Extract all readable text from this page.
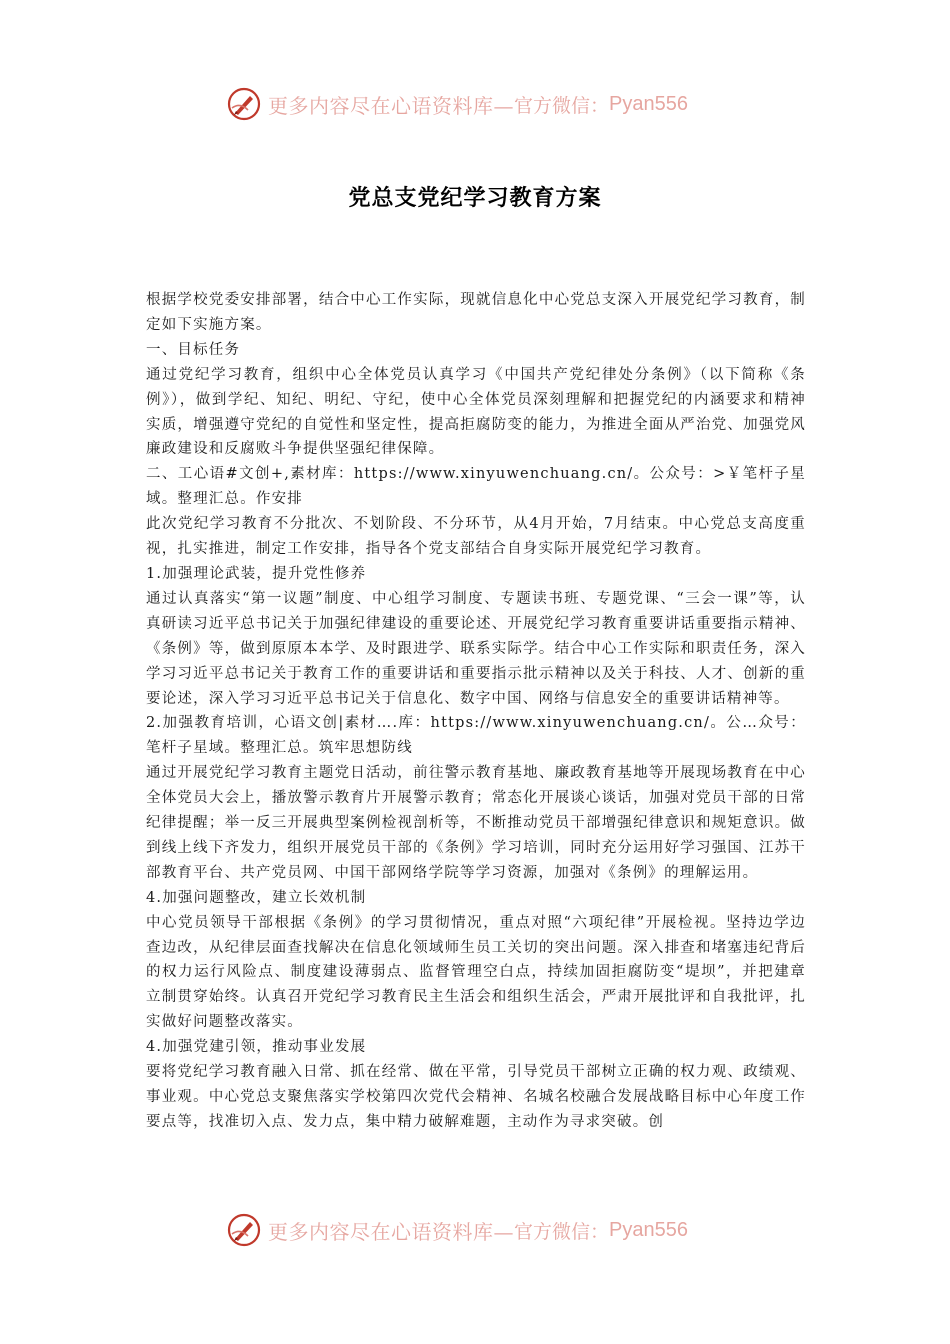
更多内容尽在心语资料库— 官方微信： Pyan556
党总支党纪学习教育方案

根据学校党委安排部署，结合中心工作实际，现就信息化中心党总支深入开展党纪学习教育，制定如下实施方案。

一、目标任务

通过党纪学习教育，组织中心全体党员认真学习《中国共产党纪律处分条例》（以下简称《条例》），做到学纪、知纪、明纪、守纪，使中心全体党员深刻理解和把握党纪的内涵要求和精神实质，增强遵守党纪的自觉性和坚定性，提高拒腐防变的能力，为推进全面从严治党、加强党风廉政建设和反腐败斗争提供坚强纪律保障。

二、工心语#文创+,素材库：https://www.xinyuwenchuang.cn/。公众号：>￥笔杆子星域。整理汇总。作安排

此次党纪学习教育不分批次、不划阶段、不分环节，从4月开始，7月结束。中心党总支高度重视，扎实推进，制定工作安排，指导各个党支部结合自身实际开展党纪学习教育。

1.加强理论武装，提升党性修养

通过认真落实“第一议题”制度、中心组学习制度、专题读书班、专题党课、“三会一课”等，认真研读习近平总书记关于加强纪律建设的重要论述、开展党纪学习教育重要讲话重要指示精神、《条例》等，做到原原本本学、及时跟进学、联系实际学。结合中心工作实际和职责任务，深入学习习近平总书记关于教育工作的重要讲话和重要指示批示精神以及关于科技、人才、创新的重要论述，深入学习习近平总书记关于信息化、数字中国、网络与信息安全的重要讲话精神等。

2.加强教育培训，心语文创|素材….库：https://www.xinyuwenchuang.cn/。公…众号：笔杆子星域。整理汇总。筑牢思想防线

通过开展党纪学习教育主题党日活动，前往警示教育基地、廉政教育基地等开展现场教育在中心全体党员大会上，播放警示教育片开展警示教育；常态化开展谈心谈话，加强对党员干部的日常纪律提醒；举一反三开展典型案例检视剖析等，不断推动党员干部增强纪律意识和规矩意识。做到线上线下齐发力，组织开展党员干部的《条例》学习培训，同时充分运用好学习强国、江苏干部教育平台、共产党员网、中国干部网络学院等学习资源，加强对《条例》的理解运用。

4.加强问题整改，建立长效机制

中心党员领导干部根据《条例》的学习贯彻情况，重点对照“六项纪律”开展检视。坚持边学边查边改，从纪律层面查找解决在信息化领域师生员工关切的突出问题。深入排查和堵塞违纪背后的权力运行风险点、制度建设薄弱点、监督管理空白点，持续加固拒腐防变“堤坝”，并把建章立制贯穿始终。认真召开党纪学习教育民主生活会和组织生活会，严肃开展批评和自我批评，扎实做好问题整改落实。

4.加强党建引领，推动事业发展

要将党纪学习教育融入日常、抓在经常、做在平常，引导党员干部树立正确的权力观、政绩观、事业观。中心党总支聚焦落实学校第四次党代会精神、名城名校融合发展战略目标中心年度工作要点等，找准切入点、发力点，集中精力破解难题，主动作为寻求突破。创

更多内容尽在心语资料库— 官方微信： Pyan556
